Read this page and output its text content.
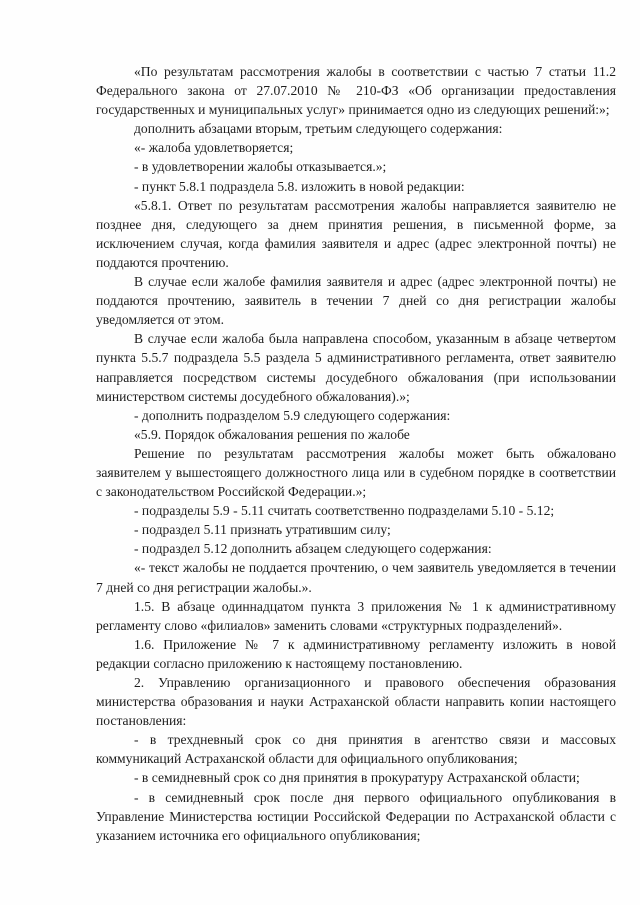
«По результатам рассмотрения жалобы в соответствии с частью 7 статьи 11.2 Федерального закона от 27.07.2010 № 210-ФЗ «Об организации предоставления государственных и муниципальных услуг» принимается одно из следующих решений:»;

дополнить абзацами вторым, третьим следующего содержания:

«- жалоба удовлетворяется;

- в удовлетворении жалобы отказывается.»;

- пункт 5.8.1 подраздела 5.8. изложить в новой редакции:

«5.8.1. Ответ по результатам рассмотрения жалобы направляется заявителю не позднее дня, следующего за днем принятия решения, в письменной форме, за исключением случая, когда фамилия заявителя и адрес (адрес электронной почты) не поддаются прочтению.

В случае если жалобе фамилия заявителя и адрес (адрес электронной почты) не поддаются прочтению, заявитель в течении 7 дней со дня регистрации жалобы уведомляется от этом.

В случае если жалоба была направлена способом, указанным в абзаце четвертом пункта 5.5.7 подраздела 5.5 раздела 5 административного регламента, ответ заявителю направляется посредством системы досудебного обжалования (при использовании министерством системы досудебного обжалования).»;

- дополнить подразделом 5.9 следующего содержания:

«5.9. Порядок обжалования решения по жалобе

Решение по результатам рассмотрения жалобы может быть обжаловано заявителем у вышестоящего должностного лица или в судебном порядке в соответствии с законодательством Российской Федерации.»;

- подразделы 5.9 - 5.11 считать соответственно подразделами 5.10 - 5.12;

- подраздел 5.11 признать утратившим силу;

- подраздел 5.12 дополнить абзацем следующего содержания:

«- текст жалобы не поддается прочтению, о чем заявитель уведомляется в течении 7 дней со дня регистрации жалобы.».

1.5. В абзаце одиннадцатом пункта 3 приложения № 1 к административному регламенту слово «филиалов» заменить словами «структурных подразделений».

1.6. Приложение № 7 к административному регламенту изложить в новой редакции согласно приложению к настоящему постановлению.

2. Управлению организационного и правового обеспечения образования министерства образования и науки Астраханской области направить копии настоящего постановления:

- в трехдневный срок со дня принятия в агентство связи и массовых коммуникаций Астраханской области для официального опубликования;

- в семидневный срок со дня принятия в прокуратуру Астраханской области;

- в семидневный срок после дня первого официального опубликования в Управление Министерства юстиции Российской Федерации по Астраханской области с указанием источника его официального опубликования;
